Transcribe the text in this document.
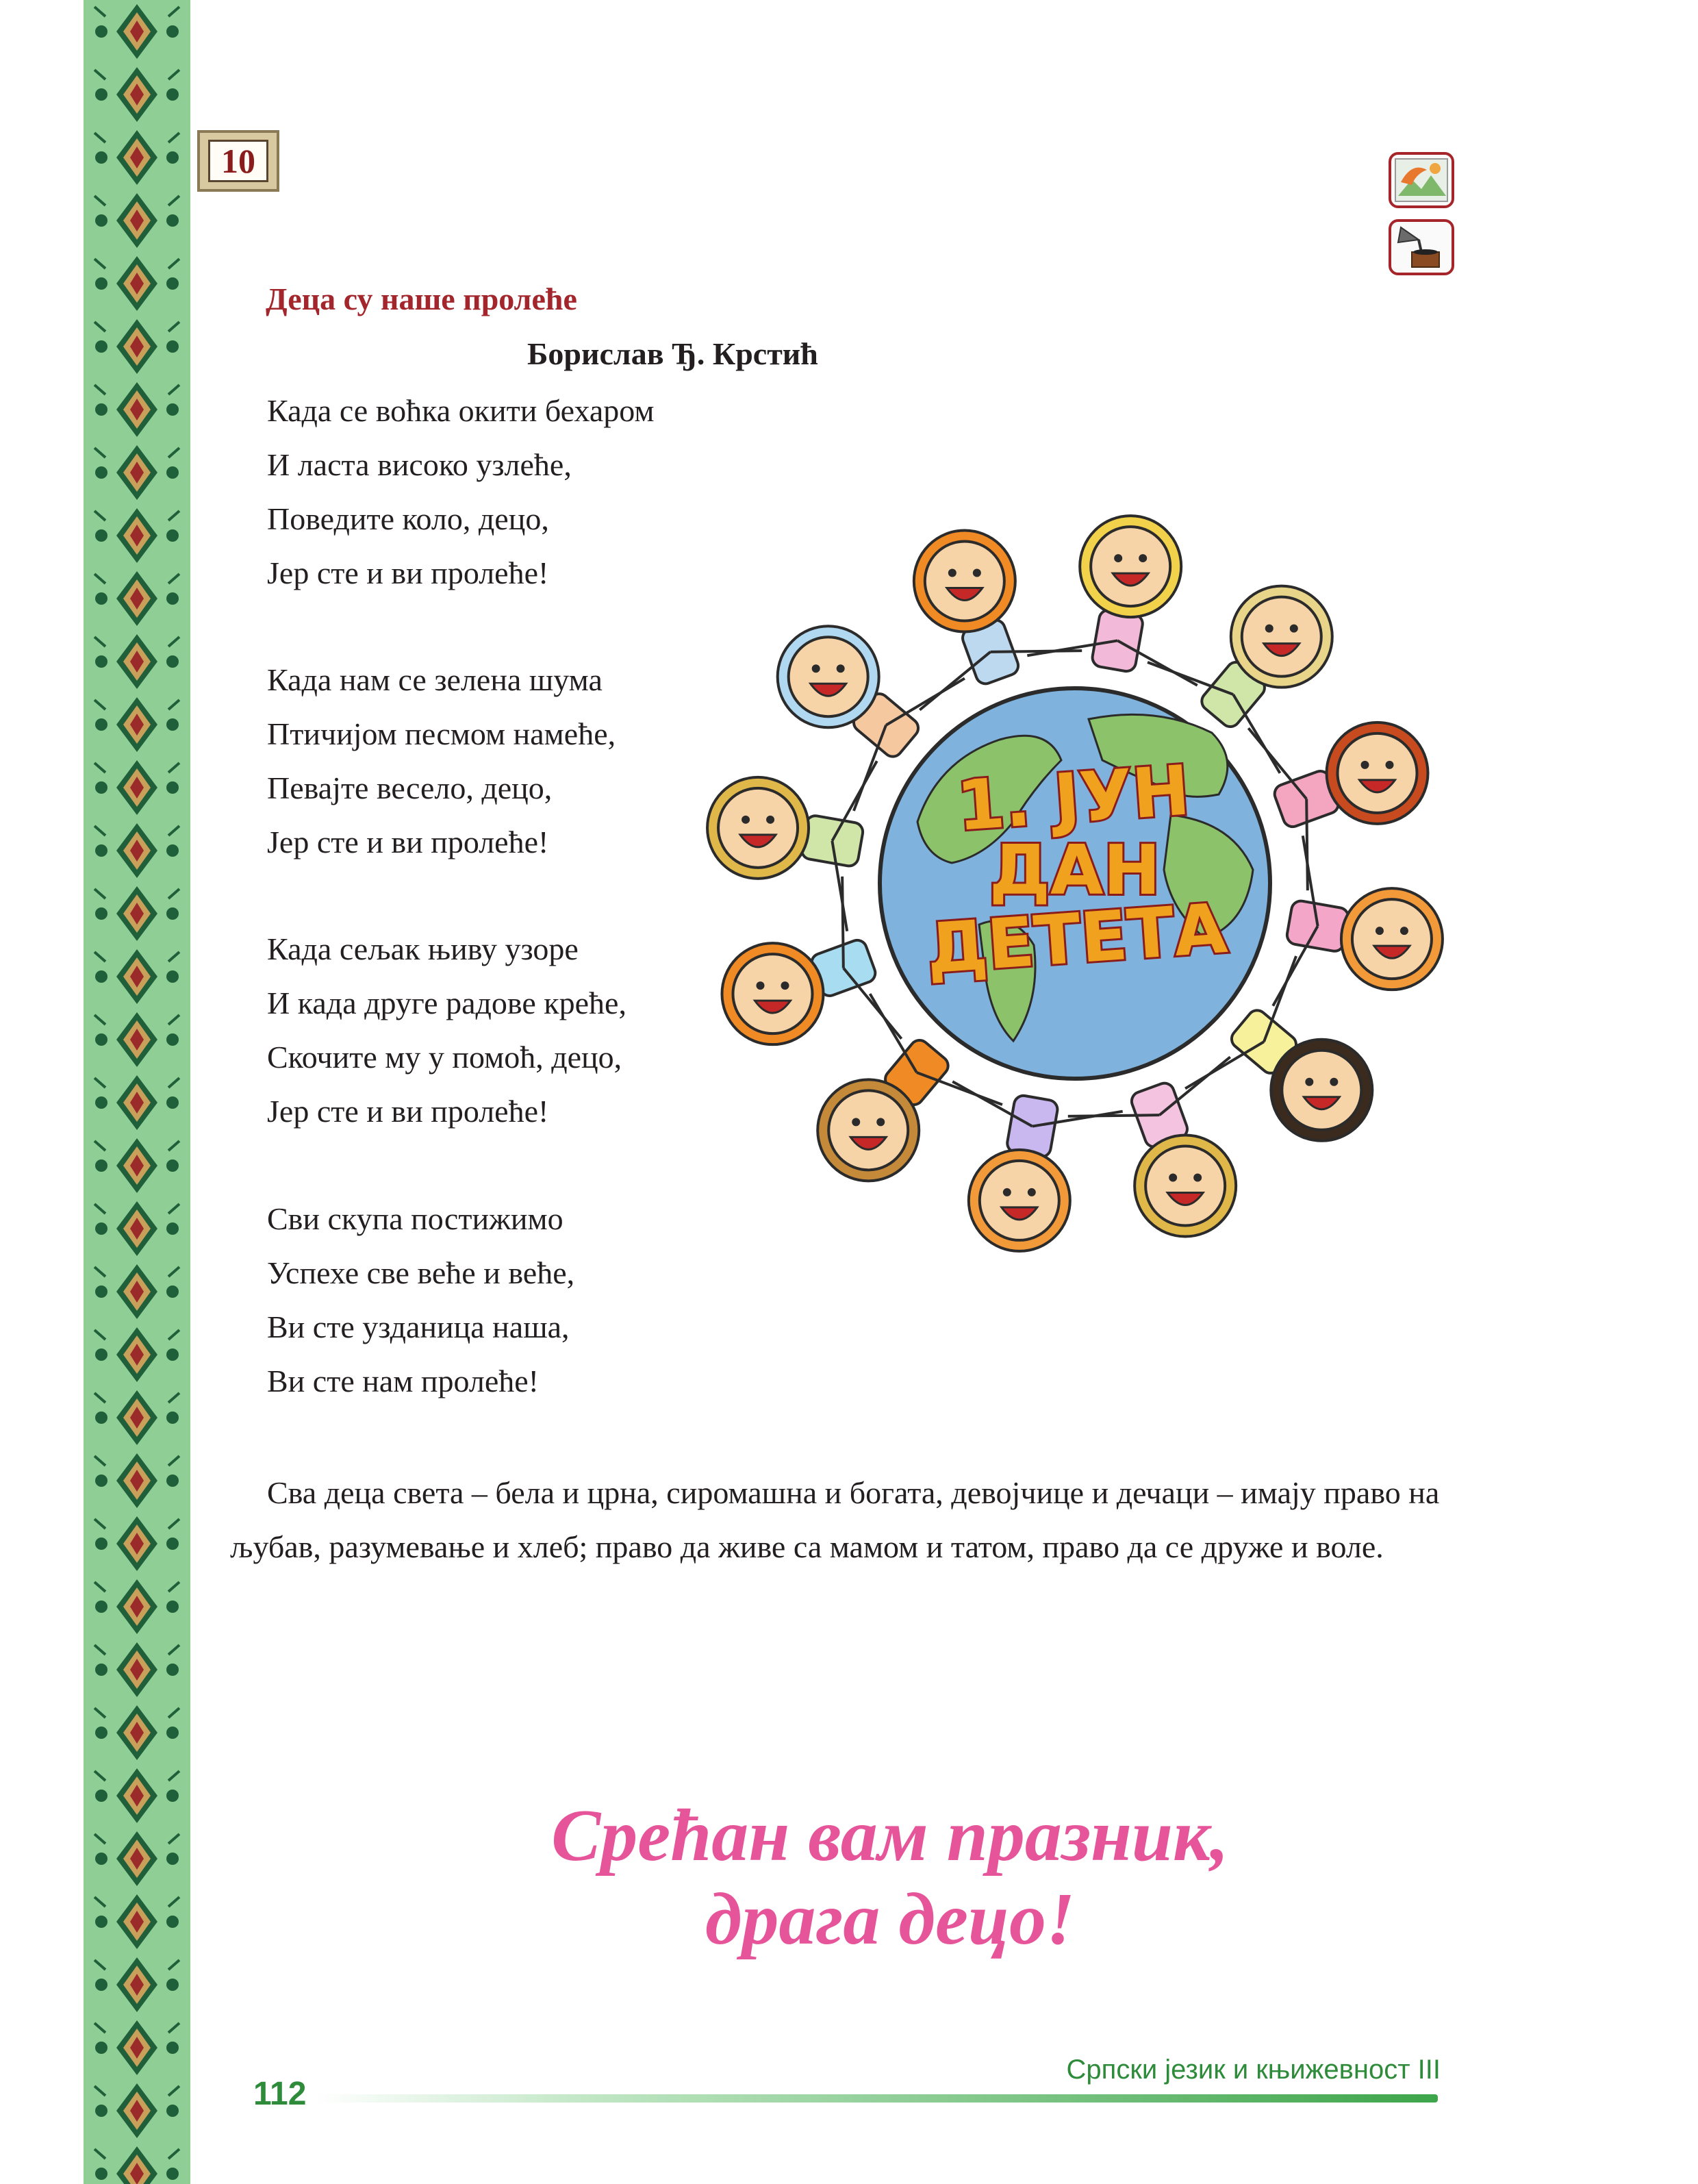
10
Деца су наше пролеће
Борислав Ђ. Крстић
Када се воћка окити бехаром
И ласта високо узлеће,
Поведите коло, децо,
Јер сте и ви пролеће!
Када нам се зелена шума
Птичијом песмом намеће,
Певајте весело, децо,
Јер сте и ви пролеће!
Када сељак њиву узоре
И када друге радове креће,
Скочите му у помоћ, децо,
Јер сте и ви пролеће!
Сви скупа постижимо
Успехе све веће и веће,
Ви сте узданица наша,
Ви сте нам пролеће!
1. ЈУН
ДАН
ДЕТЕТА

Сва деца света – бела и црна, сиромашна и богата, девојчице и дечаци – имају право на љубав, разумевање и хлеб; право да живе са мамом и татом, право да се друже и воле.

Срећан вам празник,
драга децо!
112
Српски језик и књижевност III
